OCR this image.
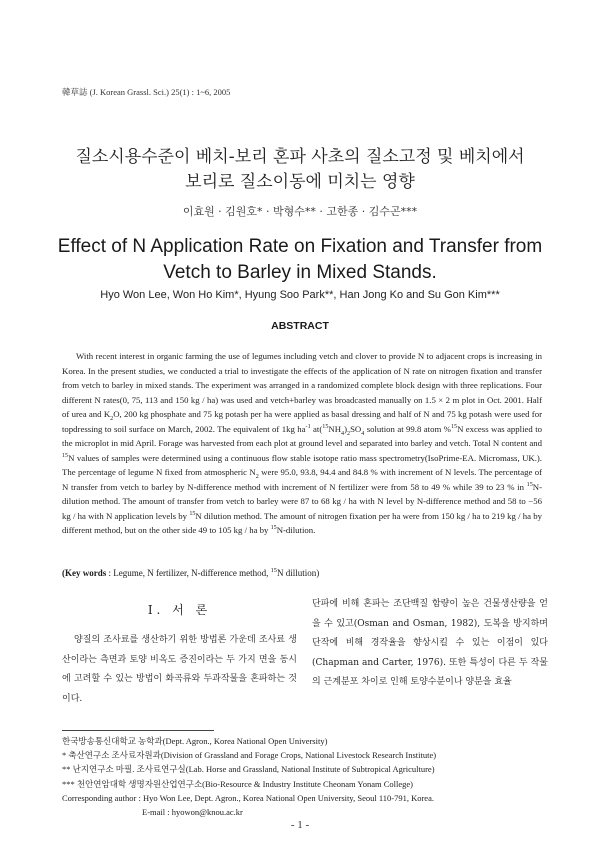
韓草誌 (J. Korean Grassl. Sci.) 25(1) : 1~6, 2005
질소시용수준이 베치-보리 혼파 사초의 질소고정 및 베치에서
보리로 질소이동에 미치는 영향
이효원 · 김원호* · 박형수** · 고한종 · 김수곤***
Effect of N Application Rate on Fixation and Transfer from
Vetch to Barley in Mixed Stands.
Hyo Won Lee, Won Ho Kim*, Hyung Soo Park**, Han Jong Ko and Su Gon Kim***
ABSTRACT

With recent interest in organic farming the use of legumes including vetch and clover to provide N to adjacent crops is increasing in Korea. In the present studies, we conducted a trial to investigate the effects of the application of N rate on nitrogen fixation and transfer from vetch to barley in mixed stands. The experiment was arranged in a randomized complete block design with three replications. Four different N rates(0, 75, 113 and 150 kg / ha) was used and vetch+barley was broadcasted manually on 1.5 × 2 m plot in Oct. 2001. Half of urea and $K_2O$, 200 kg phosphate and 75 kg potash per ha were applied as basal dressing and half of N and 75 kg potash were used for topdressing to soil surface on March, 2002. The equivalent of 1kg $ha^{-1}$ $at(^{15}NH_4)_2SO_4$ solution at 99.8 atom %$^{15}$N excess was applied to the microplot in mid April. Forage was harvested from each plot at ground level and separated into barley and vetch. Total N content and $^{15}$N values of samples were determined using a continuous flow stable isotope ratio mass spectrometry(IsoPrime-EA. Micromass, UK.). The percentage of legume N fixed from atmospheric $N_2$ were 95.0, 93.8, 94.4 and 84.8 % with increment of N levels. The percentage of N transfer from vetch to barley by N-difference method with increment of N fertilizer were from 58 to 49 % while 39 to 23 % in $^{15}$N-dilution method. The amount of transfer from vetch to barley were 87 to 68 kg / ha with N level by N-difference method and 58 to −56 kg / ha with N application levels by $^{15}$N dilution method. The amount of nitrogen fixation per ha were from 150 kg / ha to 219 kg / ha by different method, but on the other side 49 to 105 kg / ha by $^{15}$N-dilution.

(Key words : Legume, N fertilizer, N-difference method, $^{15}$N dillution)
I. 서 론

양질의 조사료를 생산하기 위한 방법론 가운데 조사료 생산이라는 측면과 토양 비옥도 증진이라는 두 가지 면을 동시에 고려할 수 있는 방법이 화곡류와 두과작물을 혼파하는 것이다.

단파에 비해 혼파는 조단백질 함량이 높은 건물생산량을 얻을 수 있고(Osman and Osman, 1982), 도복을 방지하며 단작에 비해 경작율을 향상시킬 수 있는 이점이 있다(Chapman and Carter, 1976). 또한 특성이 다른 두 작물의 근계분포 차이로 인해 토양수분이나 양분을 효율

한국방송통신대학교 농학과(Dept. Agron., Korea National Open University)
* 축산연구소 조사료자원과(Division of Grassland and Forage Crops, National Livestock Research Institute)
** 난지연구소 마필. 조사료연구실(Lab. Horse and Grassland, National Institute of Subtropical Agriculture)
*** 천안연암대학 생명자원산업연구소(Bio-Resource & Industry Institute Cheonam Yonam College)
Corresponding author : Hyo Won Lee, Dept. Agron., Korea National Open University, Seoul 110-791, Korea.
E-mail : hyowon@knou.ac.kr
- 1 -
